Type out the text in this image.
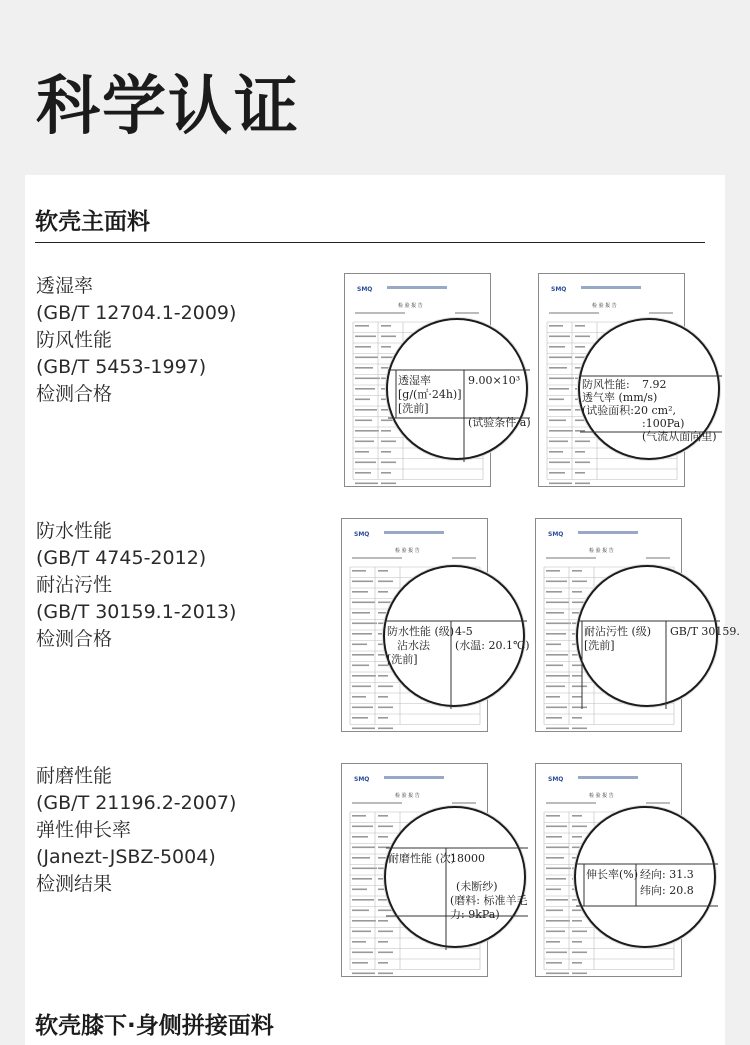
科学认证
软壳主面料
透湿率
(GB/T 12704.1-2009)
防风性能
(GB/T 5453-1997)
检测合格
防水性能
(GB/T 4745-2012)
耐沾污性
(GB/T 30159.1-2013)
检测合格
耐磨性能
(GB/T 21196.2-2007)
弹性伸长率
(Janezt-JSBZ-5004)
检测结果
SMQ
检 验 报 告
透湿率
[g/(㎡·24h)]
[洗前]
9.00×10³
(试验条件 a)
SMQ
检 验 报 告
防风性能:
透气率 (mm/s)
7.92
(试验面积:20 cm²,
:100Pa)
(气流从面向里)
SMQ
检 验 报 告
防水性能 (级)
沾水法
[洗前]
4-5
(水温: 20.1℃)
SMQ
检 验 报 告
耐沾污性 (级)
[洗前]
GB/T 30159.
SMQ
检 验 报 告
耐磨性能 (次)
18000
(未断纱)
(磨料: 标准羊毛
力: 9kPa)
SMQ
检 验 报 告
伸长率(%) 经向: 31.3
纬向: 20.8
软壳膝下·身侧拼接面料
